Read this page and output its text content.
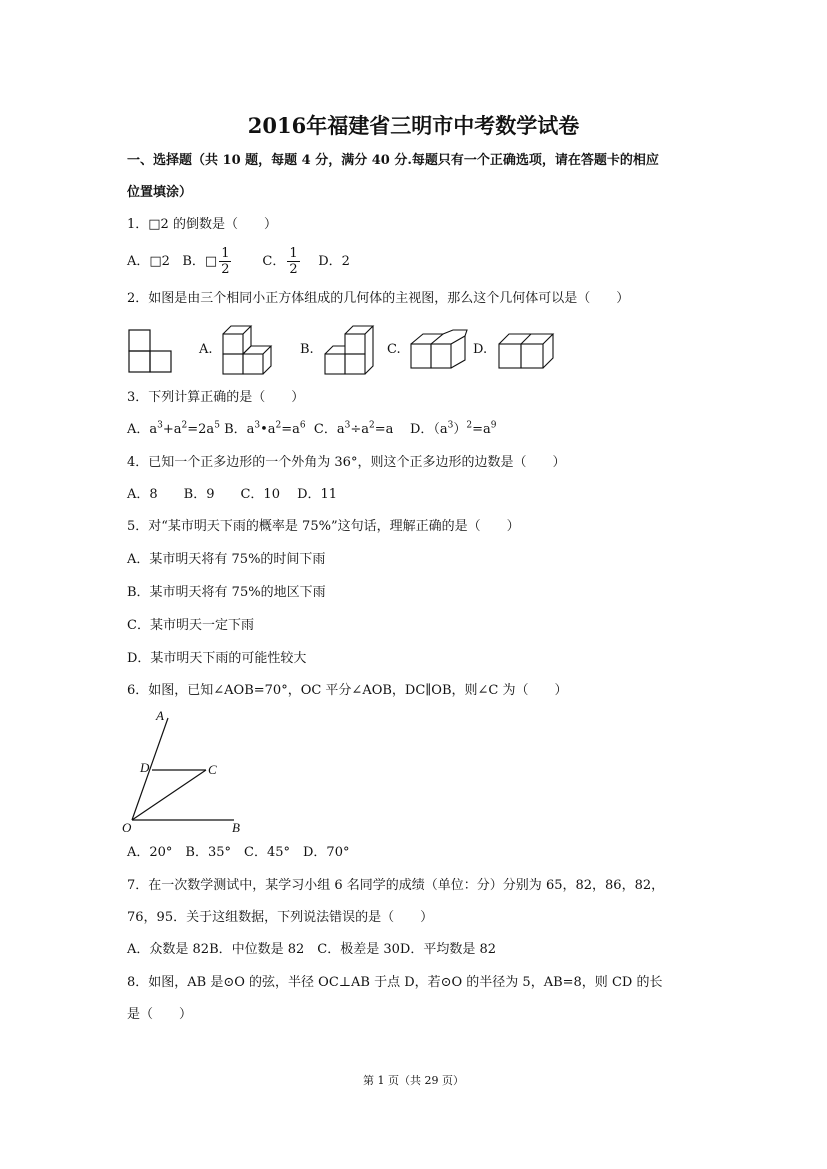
2016年福建省三明市中考数学试卷
一、选择题（共 10 题，每题 4 分，满分 40 分.每题只有一个正确选项，请在答题卡的相应
位置填涂）
1．□2 的倒数是（　　）
A．□2 B．□ $\frac{1}{2}$ C． $\frac{1}{2}$ D．2
2．如图是由三个相同小正方体组成的几何体的主视图，那么这个几何体可以是（　　）
A.	B.	C.	D.
3．下列计算正确的是（　　）
A．$a^3+a^2=2a^5$ B．$a^3•a^2=a^6$ C．$a^3\div a^2=a$ D．$(a^3)^2=a^9$
4．已知一个正多边形的一个外角为 36°，则这个正多边形的边数是（　　）
A．8　　B．9　　C．10　 D．11
5．对“某市明天下雨的概率是 75%”这句话，理解正确的是（　　）
A．某市明天将有 75%的时间下雨
B．某市明天将有 75%的地区下雨
C．某市明天一定下雨
D．某市明天下雨的可能性较大
6．如图，已知∠AOB=70°，OC 平分∠AOB，DC∥OB，则∠C 为（　　）
A
D	C
O	B
A．20°　B．35°　C．45°　D．70°
7．在一次数学测试中，某学习小组 6 名同学的成绩（单位：分）分别为 65，82，86，82，
76，95．关于这组数据，下列说法错误的是（　　）
A．众数是 82B．中位数是 82　C．极差是 30D．平均数是 82
8．如图，AB 是⊙O 的弦，半径 OC⊥AB 于点 D，若⊙O 的半径为 5，AB=8，则 CD 的长
是（　　）
第 1 页（共 29 页）
